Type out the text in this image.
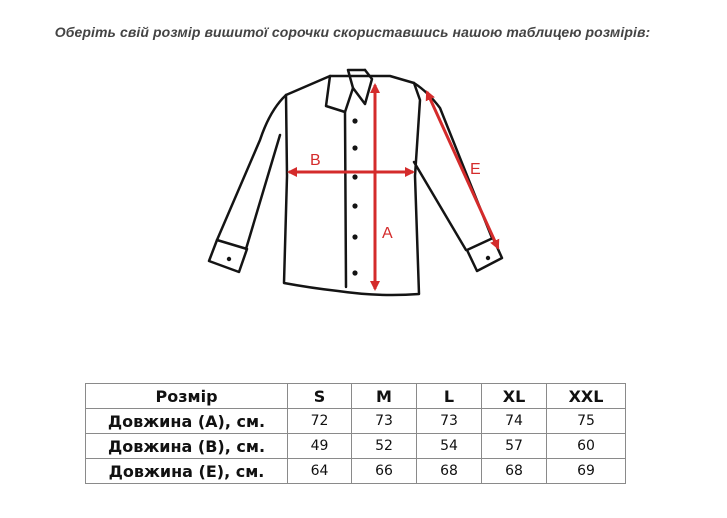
Оберіть свій розмір вишитої сорочки скориставшись нашою таблицею розмірів:
B
A
E
Розмір	S	M	L	XL	XXL
Довжина (А), см.	72	73	73	74	75
Довжина (В), см.	49	52	54	57	60
Довжина (Е), см.	64	66	68	68	69
